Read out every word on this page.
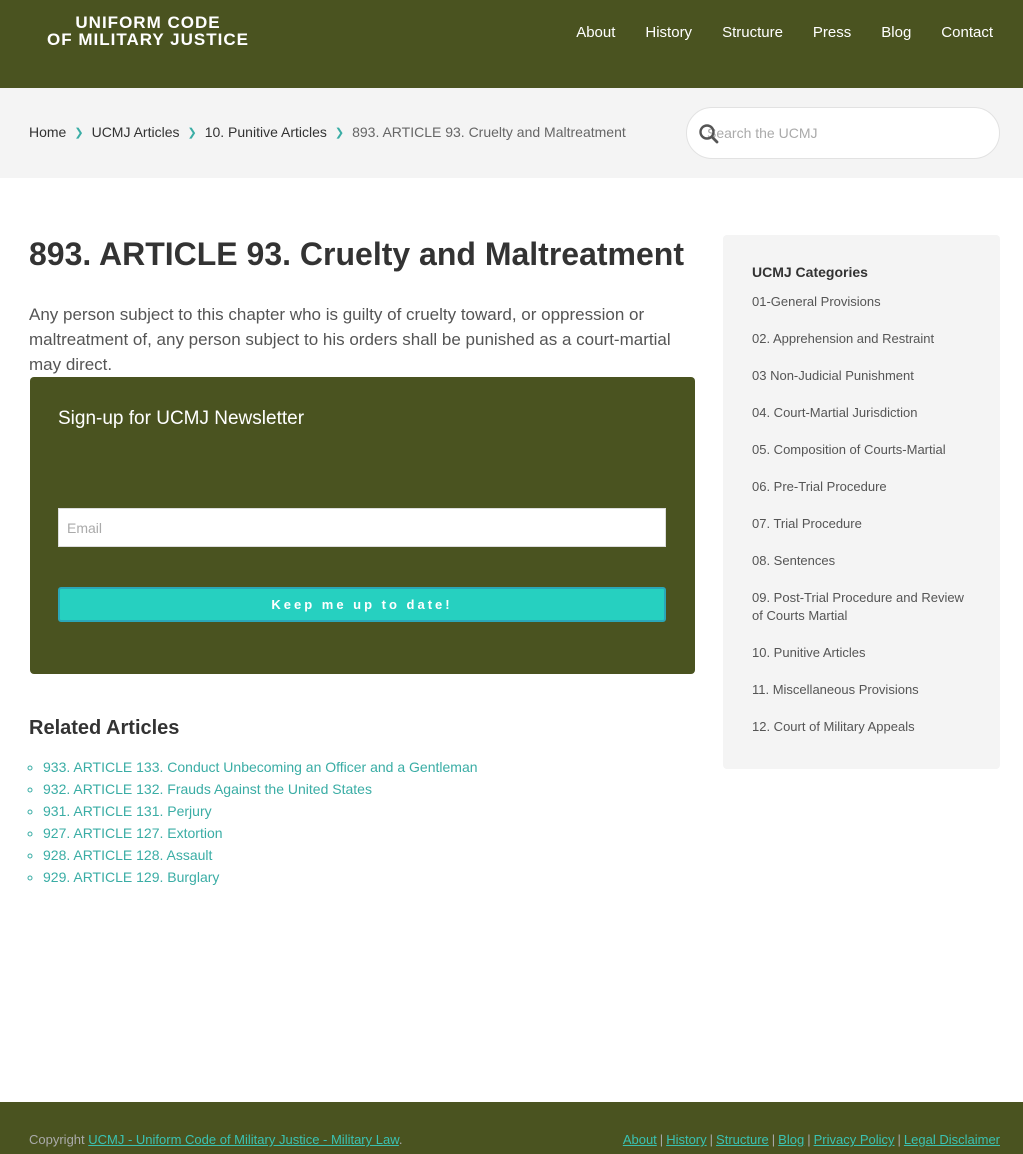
UNIFORM CODE
OF MILITARY JUSTICE	About History Structure Press Blog Contact
Home ❯ UCMJ Articles ❯ 10. Punitive Articles ❯ 893. ARTICLE 93. Cruelty and Maltreatment
Search the UCMJ
893. ARTICLE 93. Cruelty and Maltreatment

Any person subject to this chapter who is guilty of cruelty toward, or oppression or maltreatment of, any person subject to his orders shall be punished as a court-martial may direct.

Sign-up for UCMJ Newsletter
Email
Keep me up to date!
Related Articles
◦ 933. ARTICLE 133. Conduct Unbecoming an Officer and a Gentleman
◦ 932. ARTICLE 132. Frauds Against the United States
◦ 931. ARTICLE 131. Perjury
◦ 927. ARTICLE 127. Extortion
◦ 928. ARTICLE 128. Assault
◦ 929. ARTICLE 129. Burglary
UCMJ Categories
01-General Provisions
02. Apprehension and Restraint
03 Non-Judicial Punishment
04. Court-Martial Jurisdiction
05. Composition of Courts-Martial
06. Pre-Trial Procedure
07. Trial Procedure
08. Sentences
09. Post-Trial Procedure and Review of Courts Martial
10. Punitive Articles
11. Miscellaneous Provisions
12. Court of Military Appeals
Copyright UCMJ - Uniform Code of Military Justice - Military Law.	About | History | Structure | Blog | Privacy Policy | Legal Disclaimer
